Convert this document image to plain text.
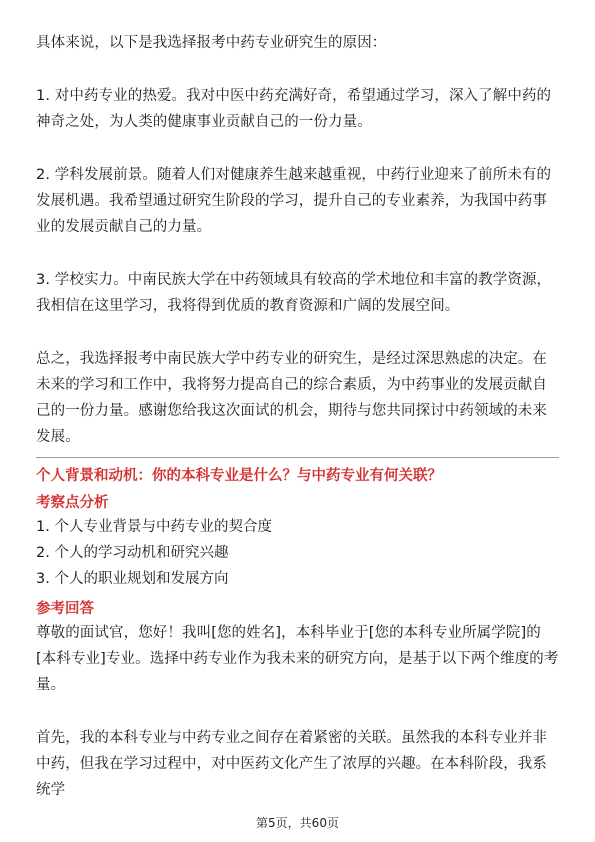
具体来说，以下是我选择报考中药专业研究生的原因：

1. 对中药专业的热爱。我对中医中药充满好奇，希望通过学习，深入了解中药的神奇之处，为人类的健康事业贡献自己的一份力量。

2. 学科发展前景。随着人们对健康养生越来越重视，中药行业迎来了前所未有的发展机遇。我希望通过研究生阶段的学习，提升自己的专业素养，为我国中药事业的发展贡献自己的力量。

3. 学校实力。中南民族大学在中药领域具有较高的学术地位和丰富的教学资源，我相信在这里学习，我将得到优质的教育资源和广阔的发展空间。

总之，我选择报考中南民族大学中药专业的研究生，是经过深思熟虑的决定。在未来的学习和工作中，我将努力提高自己的综合素质，为中药事业的发展贡献自己的一份力量。感谢您给我这次面试的机会，期待与您共同探讨中药领域的未来发展。

个人背景和动机：你的本科专业是什么？与中药专业有何关联？
考察点分析
1. 个人专业背景与中药专业的契合度
2. 个人的学习动机和研究兴趣
3. 个人的职业规划和发展方向
参考回答

尊敬的面试官，您好！我叫[您的姓名]，本科毕业于[您的本科专业所属学院]的[本科专业]专业。选择中药专业作为我未来的研究方向，是基于以下两个维度的考量。

首先，我的本科专业与中药专业之间存在着紧密的关联。虽然我的本科专业并非中药，但我在学习过程中，对中医药文化产生了浓厚的兴趣。在本科阶段，我系统学

第5页，共60页
